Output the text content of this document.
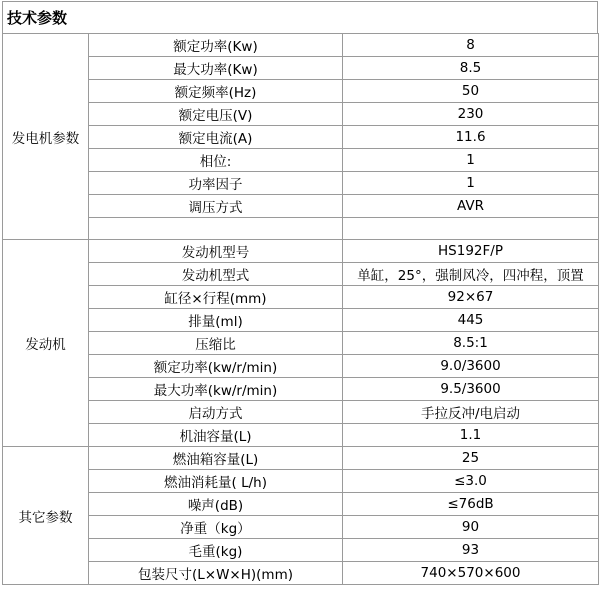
技术参数
发电机参数	额定功率(Kw)	8
	最大功率(Kw)	8.5
	额定频率(Hz)	50
	额定电压(V)	230
	额定电流(A)	11.6
	相位:	1
	功率因子	1
	调压方式	AVR

发动机	发动机型号	HS192F/P
	发动机型式	单缸，25°，强制风冷，四冲程，顶置
	缸径×行程(mm)	92×67
	排量(ml)	445
	压缩比	8.5:1
	额定功率(kw/r/min)	9.0/3600
	最大功率(kw/r/min)	9.5/3600
	启动方式	手拉反冲/电启动
	机油容量(L)	1.1
其它参数	燃油箱容量(L)	25
	燃油消耗量( L/h)	≤3.0
	噪声(dB)	≤76dB
	净重（kg）	90
	毛重(kg)	93
	包装尺寸(L×W×H)(mm)	740×570×600
